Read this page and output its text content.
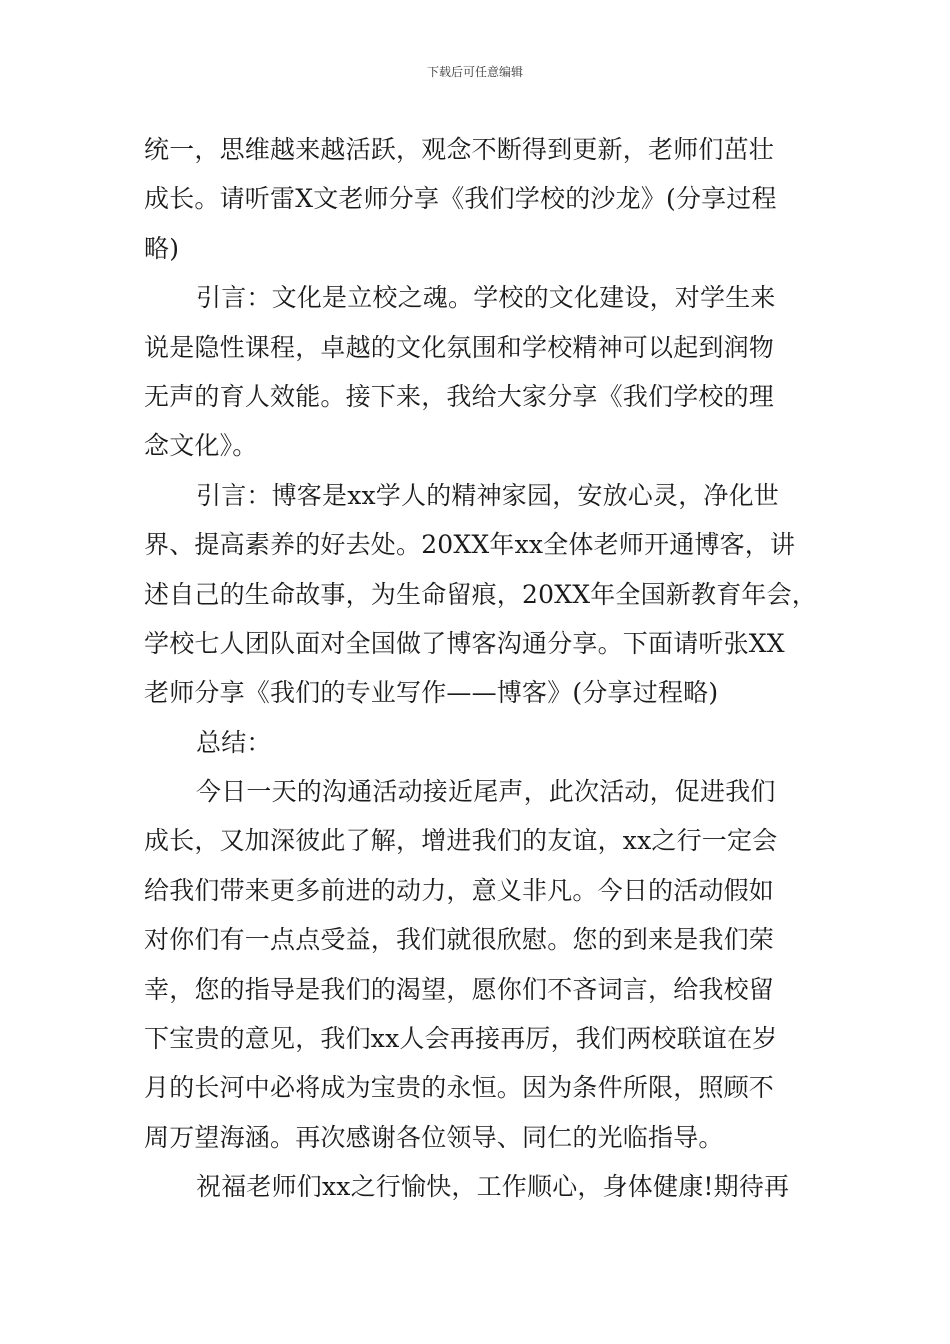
下载后可任意编辑
统一，思维越来越活跃，观念不断得到更新，老师们茁壮
成长。请听雷X文老师分享《我们学校的沙龙》(分享过程
略)
引言：文化是立校之魂。学校的文化建设，对学生来
说是隐性课程，卓越的文化氛围和学校精神可以起到润物
无声的育人效能。接下来，我给大家分享《我们学校的理
念文化》。
引言：博客是xx学人的精神家园，安放心灵，净化世
界、提高素养的好去处。20XX年xx全体老师开通博客，讲
述自己的生命故事，为生命留痕，20XX年全国新教育年会，
学校七人团队面对全国做了博客沟通分享。下面请听张XX
老师分享《我们的专业写作——博客》(分享过程略)
总结：
今日一天的沟通活动接近尾声，此次活动，促进我们
成长，又加深彼此了解，增进我们的友谊，xx之行一定会
给我们带来更多前进的动力，意义非凡。今日的活动假如
对你们有一点点受益，我们就很欣慰。您的到来是我们荣
幸，您的指导是我们的渴望，愿你们不吝词言，给我校留
下宝贵的意见，我们xx人会再接再厉，我们两校联谊在岁
月的长河中必将成为宝贵的永恒。因为条件所限，照顾不
周万望海涵。再次感谢各位领导、同仁的光临指导。
祝福老师们xx之行愉快，工作顺心，身体健康!期待再
